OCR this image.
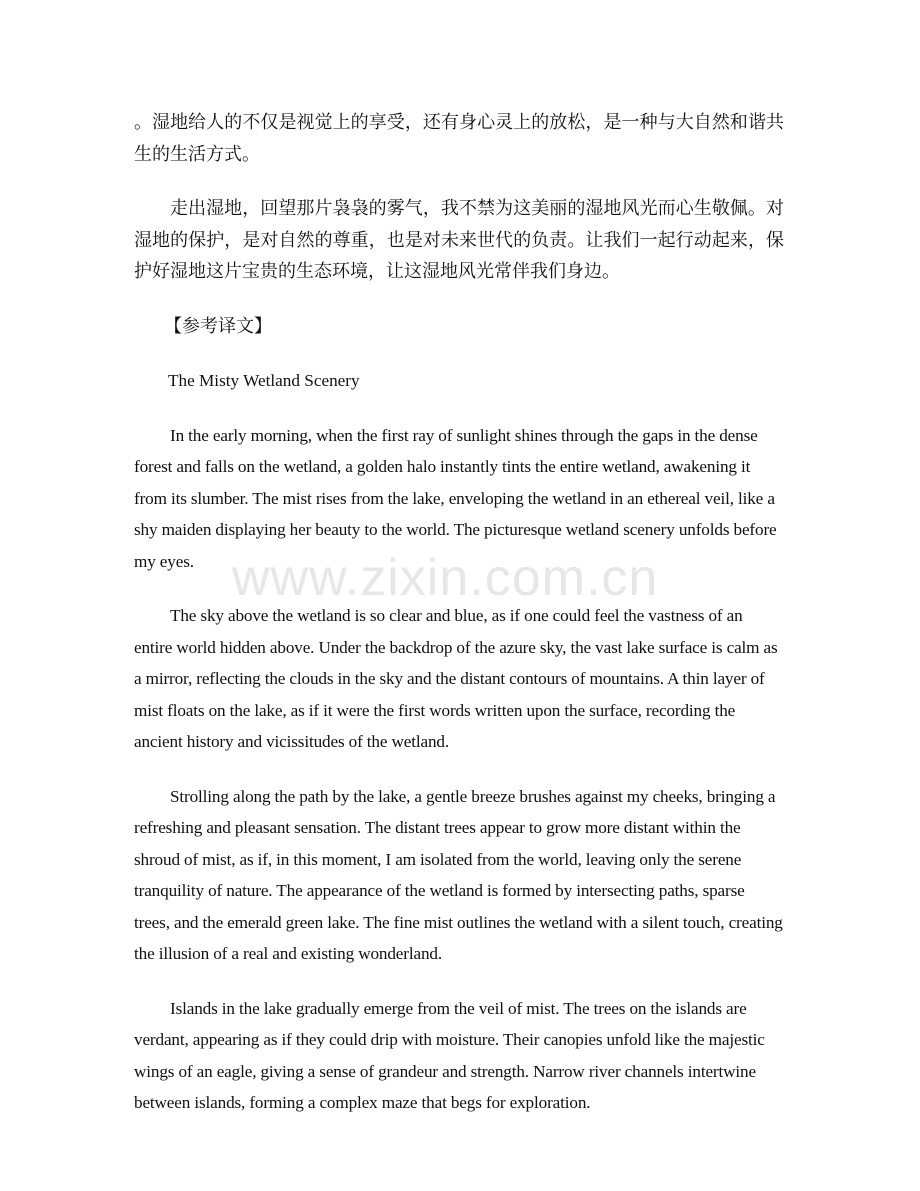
www.zixin.com.cn

。湿地给人的不仅是视觉上的享受，还有身心灵上的放松，是一种与大自然和谐共生的生活方式。

走出湿地，回望那片袅袅的雾气，我不禁为这美丽的湿地风光而心生敬佩。对湿地的保护，是对自然的尊重，也是对未来世代的负责。让我们一起行动起来，保护好湿地这片宝贵的生态环境，让这湿地风光常伴我们身边。

【参考译文】

The Misty Wetland Scenery

In the early morning, when the first ray of sunlight shines through the gaps in the dense forest and falls on the wetland, a golden halo instantly tints the entire wetland, awakening it from its slumber. The mist rises from the lake, enveloping the wetland in an ethereal veil, like a shy maiden displaying her beauty to the world. The picturesque wetland scenery unfolds before my eyes.

The sky above the wetland is so clear and blue, as if one could feel the vastness of an entire world hidden above. Under the backdrop of the azure sky, the vast lake surface is calm as a mirror, reflecting the clouds in the sky and the distant contours of mountains. A thin layer of mist floats on the lake, as if it were the first words written upon the surface, recording the ancient history and vicissitudes of the wetland.

Strolling along the path by the lake, a gentle breeze brushes against my cheeks, bringing a refreshing and pleasant sensation. The distant trees appear to grow more distant within the shroud of mist, as if, in this moment, I am isolated from the world, leaving only the serene tranquility of nature. The appearance of the wetland is formed by intersecting paths, sparse trees, and the emerald green lake. The fine mist outlines the wetland with a silent touch, creating the illusion of a real and existing wonderland.

Islands in the lake gradually emerge from the veil of mist. The trees on the islands are verdant, appearing as if they could drip with moisture. Their canopies unfold like the majestic wings of an eagle, giving a sense of grandeur and strength. Narrow river channels intertwine between islands, forming a complex maze that begs for exploration.
